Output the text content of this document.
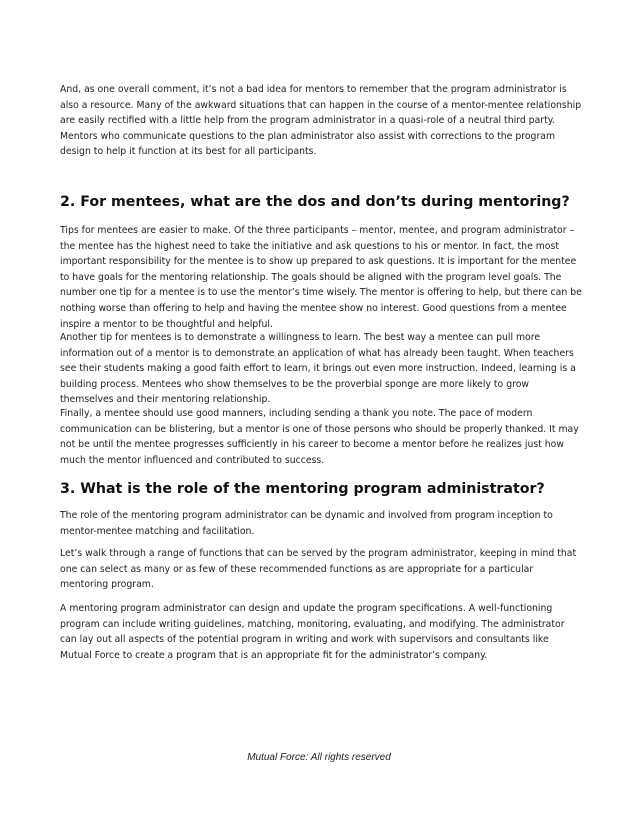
And, as one overall comment, it’s not a bad idea for mentors to remember that the program administrator is also a resource. Many of the awkward situations that can happen in the course of a mentor-mentee relationship are easily rectified with a little help from the program administrator in a quasi-role of a neutral third party. Mentors who communicate questions to the plan administrator also assist with corrections to the program design to help it function at its best for all participants.

2. For mentees, what are the dos and don’ts during mentoring?

Tips for mentees are easier to make. Of the three participants – mentor, mentee, and program administrator – the mentee has the highest need to take the initiative and ask questions to his or mentor. In fact, the most important responsibility for the mentee is to show up prepared to ask questions. It is important for the mentee to have goals for the mentoring relationship. The goals should be aligned with the program level goals. The number one tip for a mentee is to use the mentor’s time wisely. The mentor is offering to help, but there can be nothing worse than offering to help and having the mentee show no interest. Good questions from a mentee inspire a mentor to be thoughtful and helpful.

Another tip for mentees is to demonstrate a willingness to learn. The best way a mentee can pull more information out of a mentor is to demonstrate an application of what has already been taught. When teachers see their students making a good faith effort to learn, it brings out even more instruction. Indeed, learning is a building process. Mentees who show themselves to be the proverbial sponge are more likely to grow themselves and their mentoring relationship.

Finally, a mentee should use good manners, including sending a thank you note. The pace of modern communication can be blistering, but a mentor is one of those persons who should be properly thanked. It may not be until the mentee progresses sufficiently in his career to become a mentor before he realizes just how much the mentor influenced and contributed to success.

3. What is the role of the mentoring program administrator?

The role of the mentoring program administrator can be dynamic and involved from program inception to mentor-mentee matching and facilitation.

Let’s walk through a range of functions that can be served by the program administrator, keeping in mind that one can select as many or as few of these recommended functions as are appropriate for a particular mentoring program.

A mentoring program administrator can design and update the program specifications. A well-functioning program can include writing guidelines, matching, monitoring, evaluating, and modifying. The administrator can lay out all aspects of the potential program in writing and work with supervisors and consultants like Mutual Force to create a program that is an appropriate fit for the administrator’s company.

Mutual Force: All rights reserved
